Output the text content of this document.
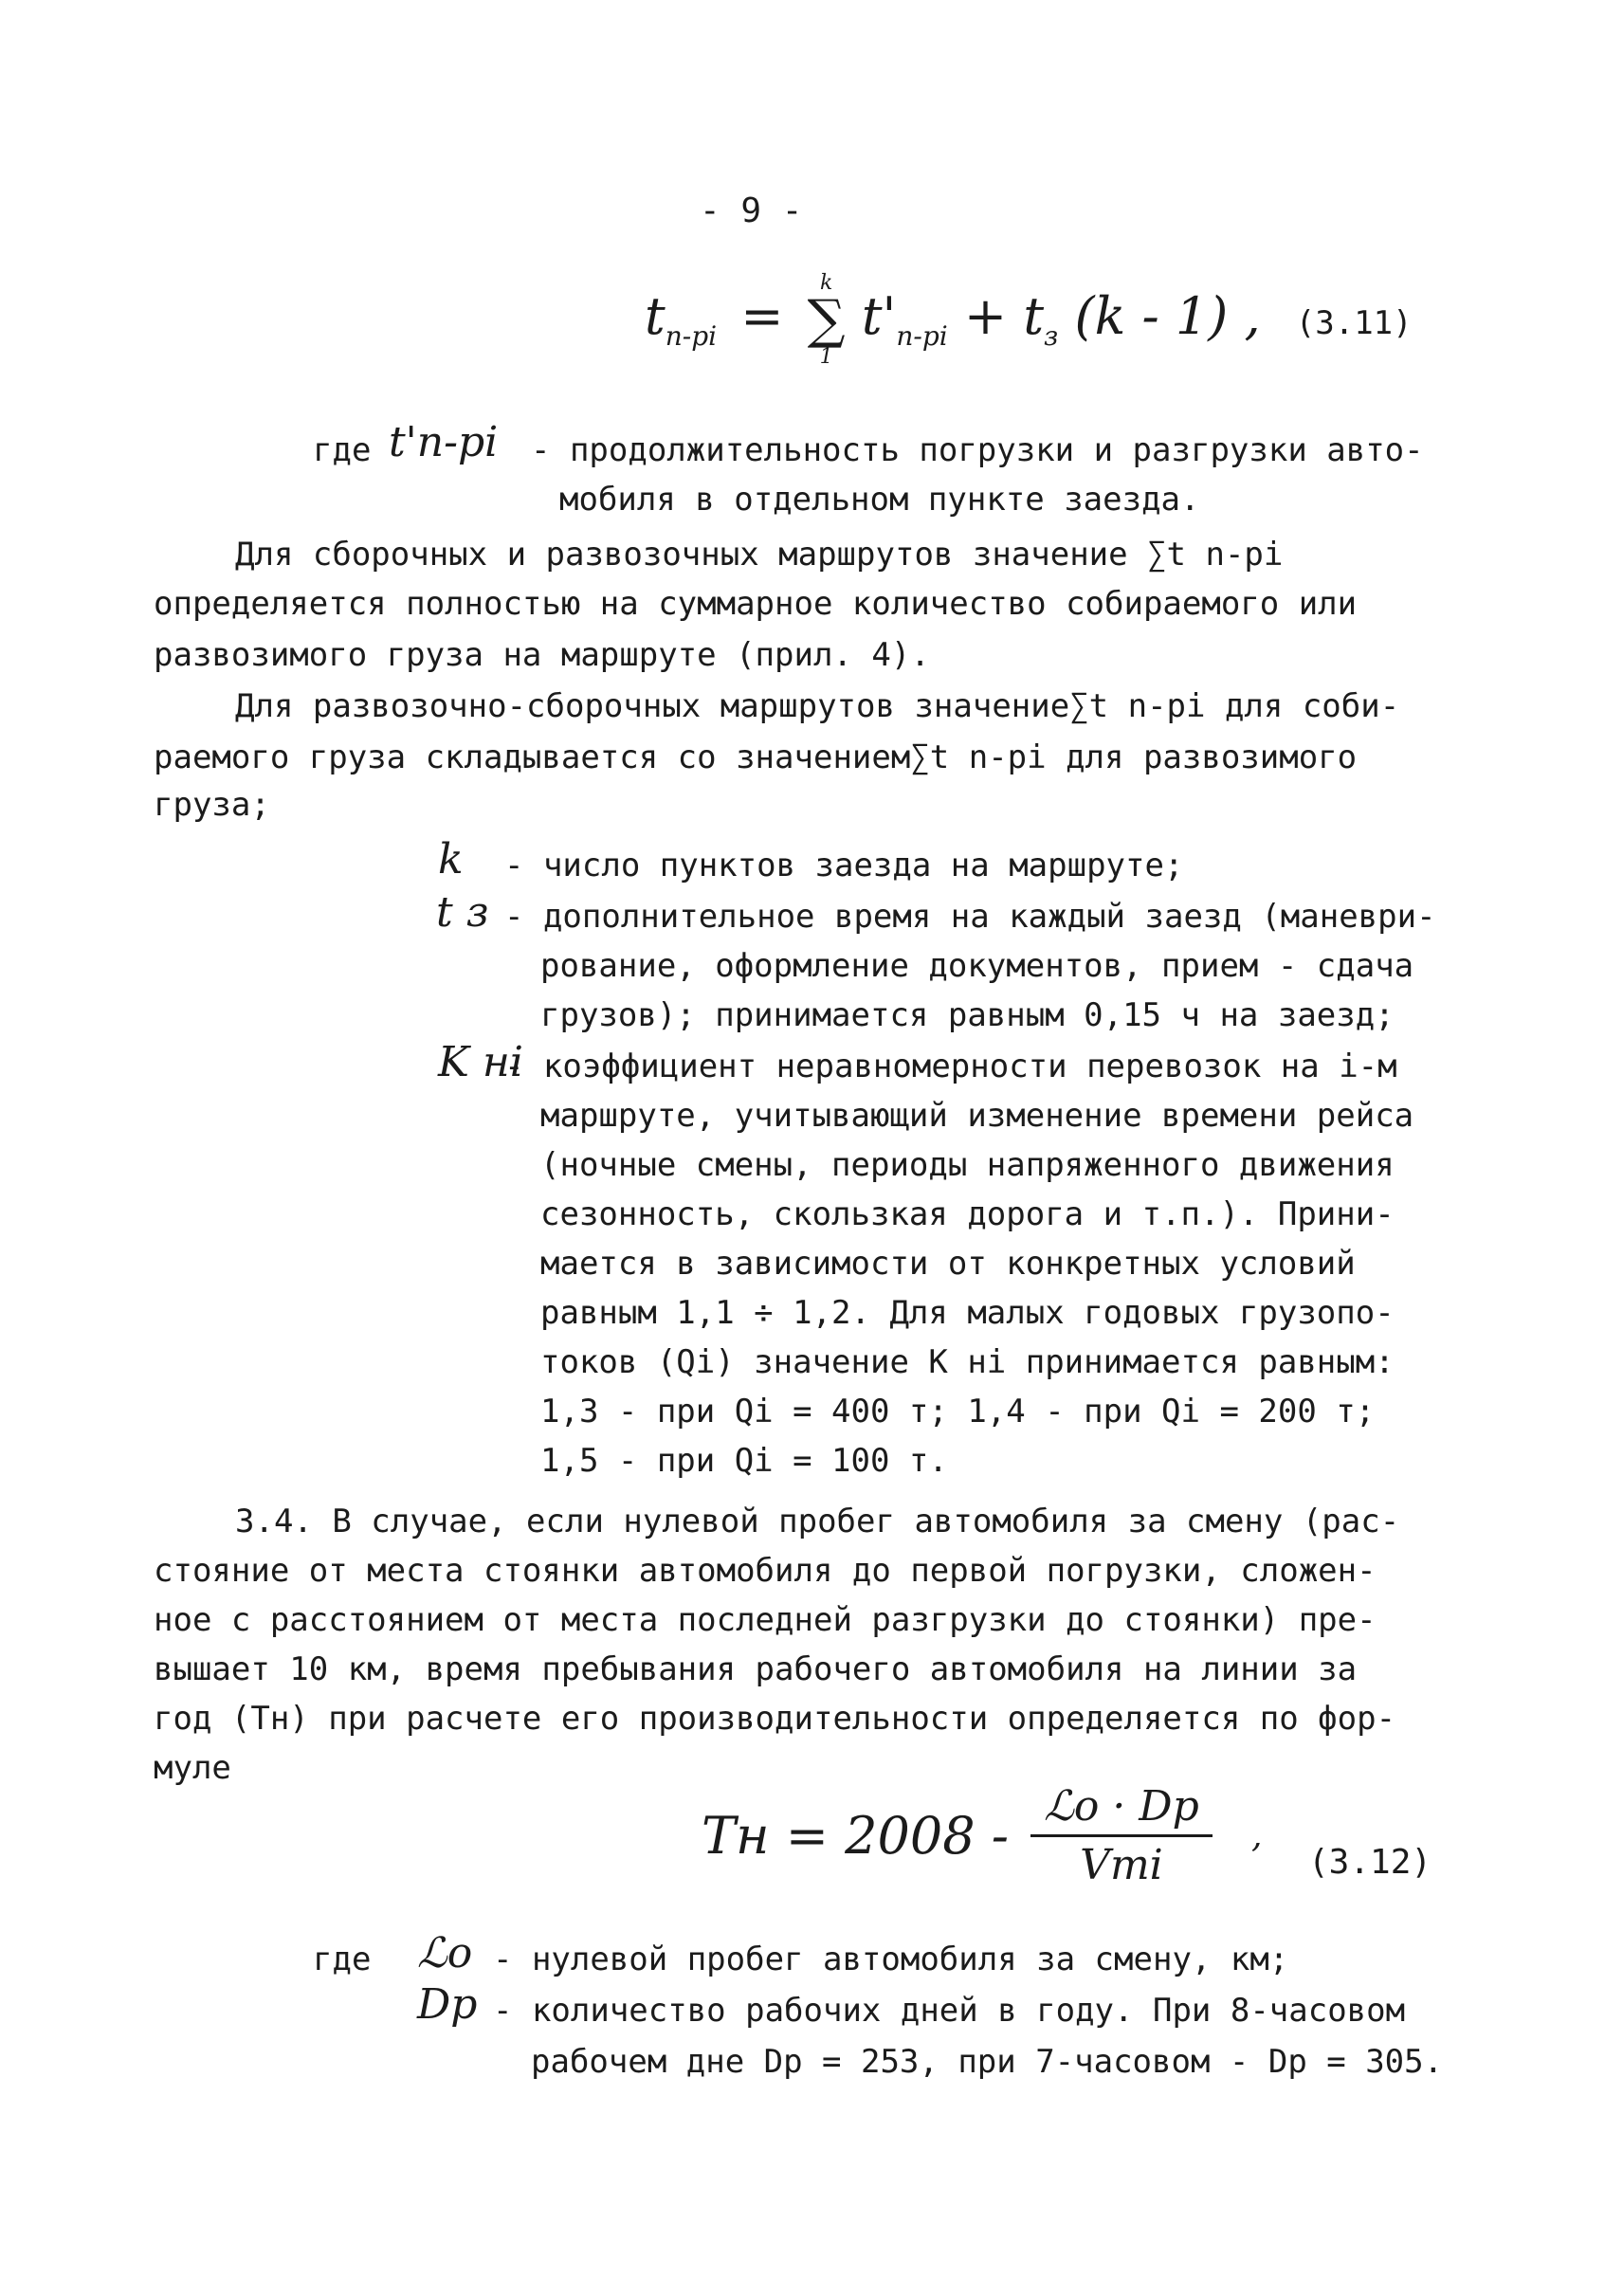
- 9 -
$t_{n-pi}$ =
k
∑
1
$t'_{n-pi} + t_з$ (k - 1) , (3.11)
где t'n-pi - продолжительность погрузки и разгрузки авто-
мобиля в отдельном пункте заезда.
Для сборочных и развозочных маршрутов значение ∑t n-pi
определяется полностью на суммарное количество собираемого или
развозимого груза на маршруте (прил. 4).
Для развозочно-сборочных маршрутов значение∑t n-pi для соби-
раемого груза складывается со значением∑t n-pi для развозимого
груза;
k - число пунктов заезда на маршруте;
t з - дополнительное время на каждый заезд (маневри-
рование, оформление документов, прием - сдача
грузов); принимается равным 0,15 ч на заезд;
K нi
- коэффициент неравномерности перевозок на i-м
маршруте, учитывающий изменение времени рейса
(ночные смены, периоды напряженного движения
сезонность, скользкая дорога и т.п.). Прини-
мается в зависимости от конкретных условий
равным 1,1 ÷ 1,2. Для малых годовых грузопо-
токов (Qi) значение K нi принимается равным:
1,3 - при Qi = 400 т; 1,4 - при Qi = 200 т;
1,5 - при Qi = 100 т.
3.4. В случае, если нулевой пробег автомобиля за смену (рас-
стояние от места стоянки автомобиля до первой погрузки, сложен-
ное с расстоянием от места последней разгрузки до стоянки) пре-
вышает 10 км, время пребывания рабочего автомобиля на линии за
год (Тн) при расчете его производительности определяется по фор-
муле
Тн = $2008 - \frac{\text{ℒo · Dр}}{\text{Vтi}}$ ,
(3.12)
где ℒo - нулевой пробег автомобиля за смену, км;
Dр - количество рабочих дней в году. При 8-часовом
рабочем дне Dр = 253, при 7-часовом - Dр = 305.
